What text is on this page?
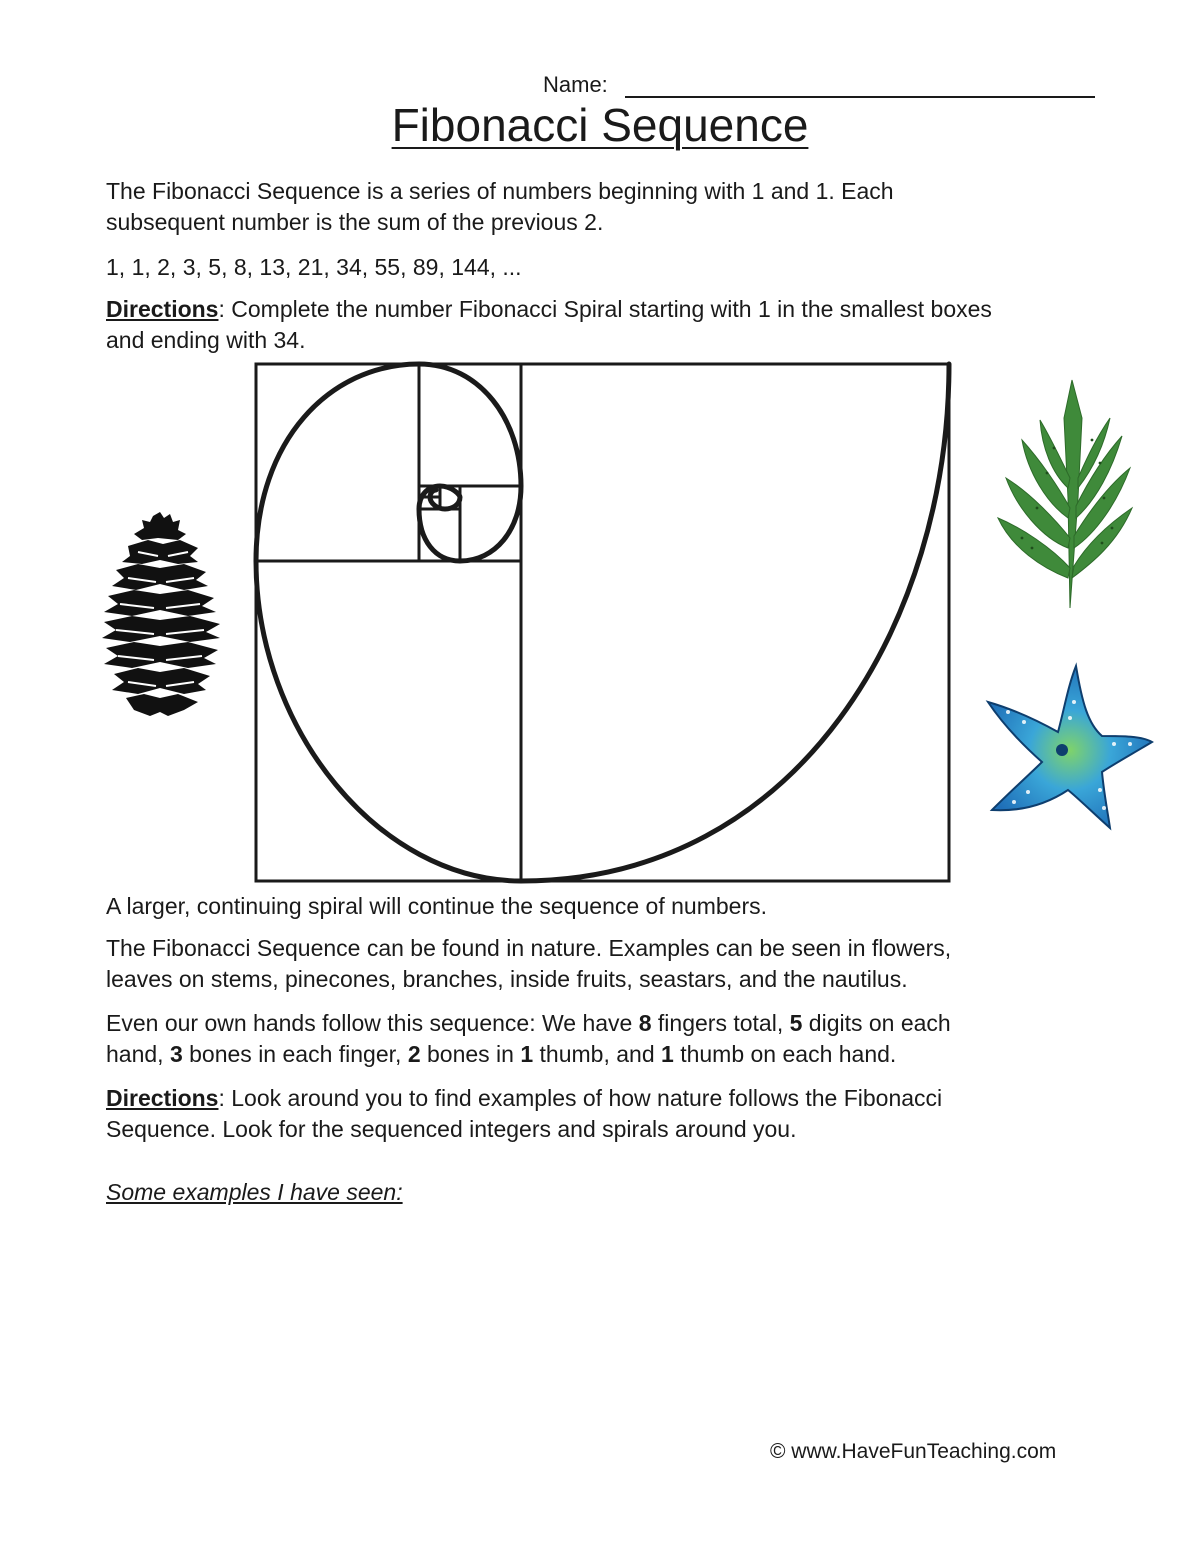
Name:
Fibonacci Sequence
The Fibonacci Sequence is a series of numbers beginning with 1 and 1. Each
subsequent number is the sum of the previous 2.
1, 1, 2, 3, 5, 8, 13, 21, 34, 55, 89, 144, ...
Directions: Complete the number Fibonacci Spiral starting with 1 in the smallest boxes
and ending with 34.
A larger, continuing spiral will continue the sequence of numbers.
The Fibonacci Sequence can be found in nature. Examples can be seen in flowers,
leaves on stems, pinecones, branches, inside fruits, seastars, and the nautilus.
Even our own hands follow this sequence: We have 8 fingers total, 5 digits on each
hand, 3 bones in each finger, 2 bones in 1 thumb, and 1 thumb on each hand.
Directions: Look around you to find examples of how nature follows the Fibonacci
Sequence. Look for the sequenced integers and spirals around you.
Some examples I have seen:
© www.HaveFunTeaching.com
